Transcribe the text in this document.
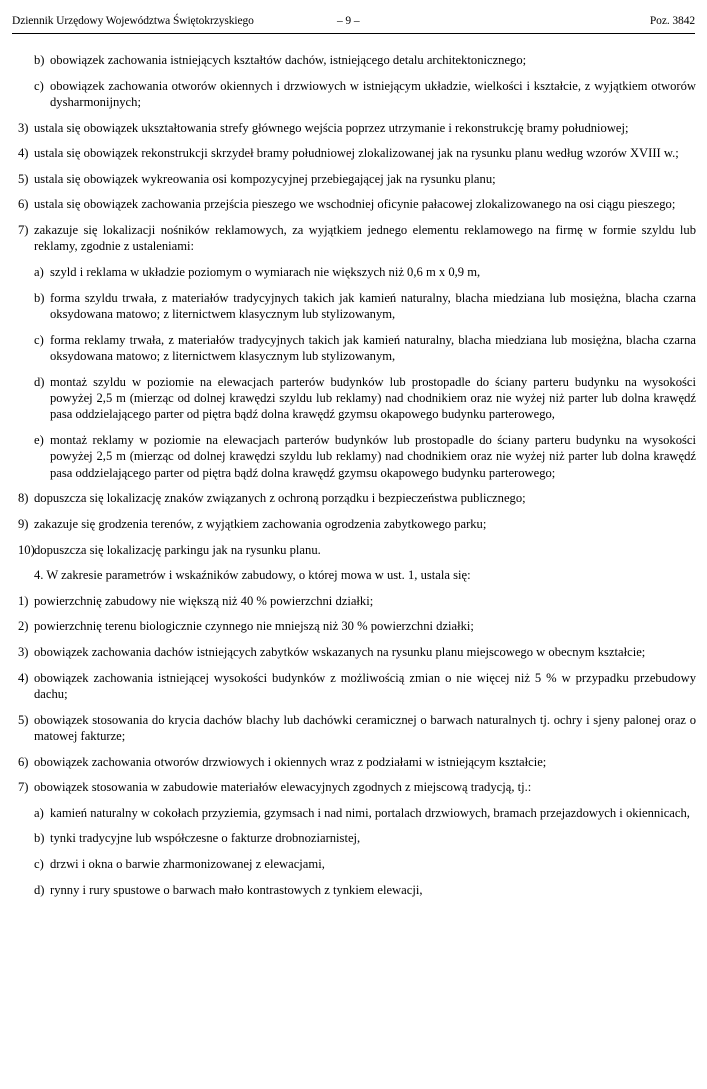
Dziennik Urzędowy Województwa Świętokrzyskiego	– 9 –	Poz. 3842
b) obowiązek zachowania istniejących kształtów dachów, istniejącego detalu architektonicznego;
c) obowiązek zachowania otworów okiennych i drzwiowych w istniejącym układzie, wielkości i kształcie, z wyjątkiem otworów dysharmonijnych;
3) ustala się obowiązek ukształtowania strefy głównego wejścia poprzez utrzymanie i rekonstrukcję bramy południowej;
4) ustala się obowiązek rekonstrukcji skrzydeł bramy południowej zlokalizowanej jak na rysunku planu według wzorów XVIII w.;
5) ustala się obowiązek wykreowania osi kompozycyjnej przebiegającej jak na rysunku planu;
6) ustala się obowiązek zachowania przejścia pieszego we wschodniej oficynie pałacowej zlokalizowanego na osi ciągu pieszego;
7) zakazuje się lokalizacji nośników reklamowych, za wyjątkiem jednego elementu reklamowego na firmę w formie szyldu lub reklamy, zgodnie z ustaleniami:
a) szyld i reklama w układzie poziomym o wymiarach nie większych niż 0,6 m x 0,9 m,
b) forma szyldu trwała, z materiałów tradycyjnych takich jak kamień naturalny, blacha miedziana lub mosiężna, blacha czarna oksydowana matowo; z liternictwem klasycznym lub stylizowanym,
c) forma reklamy trwała, z materiałów tradycyjnych takich jak kamień naturalny, blacha miedziana lub mosiężna, blacha czarna oksydowana matowo; z liternictwem klasycznym lub stylizowanym,
d) montaż szyldu w poziomie na elewacjach parterów budynków lub prostopadle do ściany parteru budynku na wysokości powyżej 2,5 m (mierząc od dolnej krawędzi szyldu lub reklamy) nad chodnikiem oraz nie wyżej niż parter lub dolna krawędź pasa oddzielającego parter od piętra bądź dolna krawędź gzymsu okapowego budynku parterowego,
e) montaż reklamy w poziomie na elewacjach parterów budynków lub prostopadle do ściany parteru budynku na wysokości powyżej 2,5 m (mierząc od dolnej krawędzi szyldu lub reklamy) nad chodnikiem oraz nie wyżej niż parter lub dolna krawędź pasa oddzielającego parter od piętra bądź dolna krawędź gzymsu okapowego budynku parterowego;
8) dopuszcza się lokalizację znaków związanych z ochroną porządku i bezpieczeństwa publicznego;
9) zakazuje się grodzenia terenów, z wyjątkiem zachowania ogrodzenia zabytkowego parku;
10) dopuszcza się lokalizację parkingu jak na rysunku planu.
4. W zakresie parametrów i wskaźników zabudowy, o której mowa w ust. 1, ustala się:
1) powierzchnię zabudowy nie większą niż 40 % powierzchni działki;
2) powierzchnię terenu biologicznie czynnego nie mniejszą niż 30 % powierzchni działki;
3) obowiązek zachowania dachów istniejących zabytków wskazanych na rysunku planu miejscowego w obecnym kształcie;
4) obowiązek zachowania istniejącej wysokości budynków z możliwością zmian o nie więcej niż 5 % w przypadku przebudowy dachu;
5) obowiązek stosowania do krycia dachów blachy lub dachówki ceramicznej o barwach naturalnych tj. ochry i sjeny palonej oraz o matowej fakturze;
6) obowiązek zachowania otworów drzwiowych i okiennych wraz z podziałami w istniejącym kształcie;
7) obowiązek stosowania w zabudowie materiałów elewacyjnych zgodnych z miejscową tradycją, tj.:
a) kamień naturalny w cokołach przyziemia, gzymsach i nad nimi, portalach drzwiowych, bramach przejazdowych i okiennicach,
b) tynki tradycyjne lub współczesne o fakturze drobnoziarnistej,
c) drzwi i okna o barwie zharmonizowanej z elewacjami,
d) rynny i rury spustowe o barwach mało kontrastowych z tynkiem elewacji,
